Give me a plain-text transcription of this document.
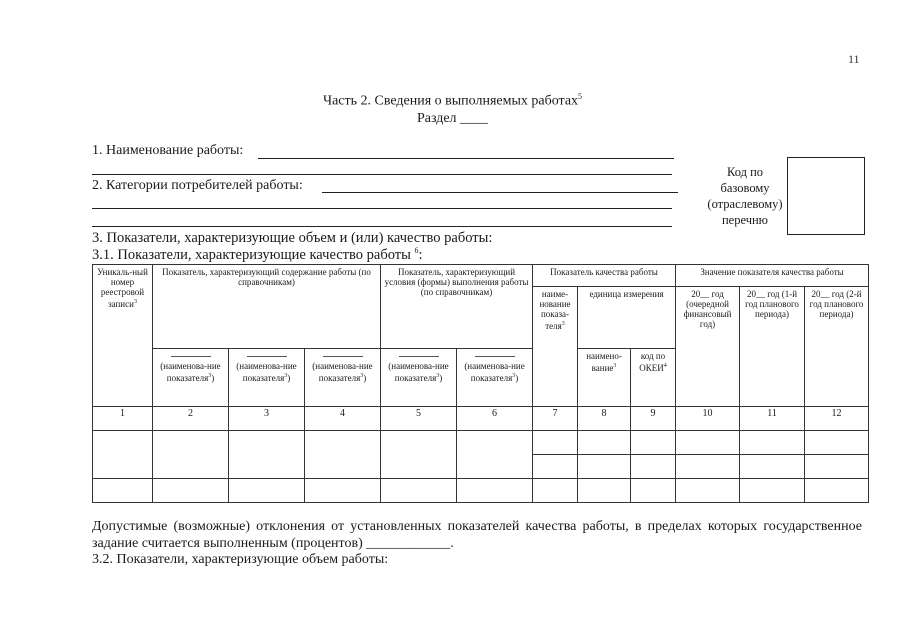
11
Часть 2. Сведения о выполняемых работах$^5$
Раздел ____
1. Наименование работы:
2. Категории потребителей работы:
Код по
базовому
(отраслевому)
перечню
3. Показатели, характеризующие объем и (или) качество работы:
3.1. Показатели, характеризующие качество работы $^6$:
Уникаль-ный номер реестровой записи$^3$	Показатель, характеризующий содержание работы (по справочникам)			Показатель, характеризующий условия (формы) выполнения работы (по справочникам)		Показатель качества работы			Значение показателя качества работы		
						наиме-нование показа-теля$^3$	единица измерения		20__ год (очередной финансовый год)	20__ год (1-й год планового периода)	20__ год (2-й год планового периода)

(наименова-ние показателя$^3$)	(наименова-ние показателя$^3$)	(наименова-ние показателя$^3$)	(наименова-ние показателя$^3$)	(наименова-ние показателя$^3$)		наимено-вание$^3$	код по ОКЕИ$^4$
1	2	3	4	5	6	7	8	9	10	11	12

Допустимые (возможные) отклонения от установленных показателей качества работы, в пределах которых государственное задание считается выполненным (процентов) ____________.
3.2. Показатели, характеризующие объем работы:
